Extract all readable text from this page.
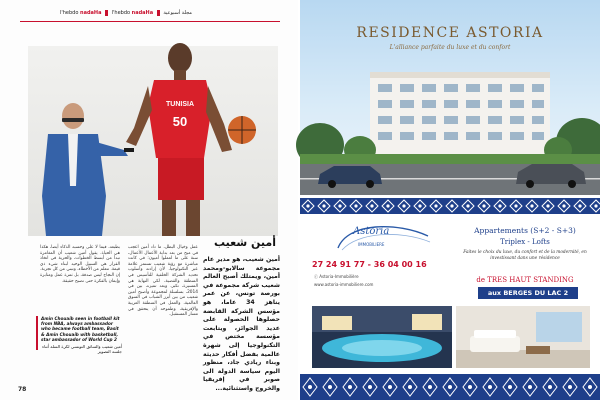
l'hebdo nadaHa l'hebdo nadaHa مجلة أسبوعية
TUNISIA
50
أمين شعيب
أمين شعيب، هو مدير عام مجموعة سالابو-ومحمد أمين، ويمتلك أصبح العالم شعيب شركة مجموعة في بورصة تونس، عن عمر يناهز 34 عاما، هو مؤسس الشركة القابضة حصلوها الحصولة على عديد الجوائز، ويتابعت مؤسسة مختص في التكنولوجيا إلى شهرة عالمية بفضل أفكار حديثة وبناء ريادي جاد، منظور اليوم سياسة الدولة الى صوبر في إفريقيا والخروج واستثنائية...
عمل وخيال البطل، ما داد أمين اعجب في ميح من بعد بداية الأعمال الأعمال، سنة على ما لعملوا أميون: في كانت مباشرة مع رؤية شعيب تستمر علامة عبر التكنولوجيا، لأن إرادته وأسلوب تحديد الشركة الخلفية للتأسيس في المنطقة والقضية، لكي النهاية هي المسيرة، تكبر، وبعد تميزه، بين في 2014، بسلسلة لمجموعة وأصبح أمين شعيب من بين أبرز الشباب في السوق العالمية، والعمل في المنطقة العربية والإفريقية، وطموحه أن يتحقق في مسار المستقبل.
بطبعه، فيما لا على وحسبه الذكاء أيضا، هكذا هي الحياة. يقول أمين شعيب أن المغامرة تبدأ من أبسط الخطوات، والحرية في اتخاذ القرار هي السبيل الوحيد لبناء شيء ذي قيمة. تتعلم من الأخطاء، وتبني من كل تجربة. إن النجاح ليس صدفة، بل ثمرة عمل ومثابرة وإيمان بالفكرة حتى تصبح حقيقة.
Amin Chouaib seen in football kit from NBA, always ambassador who became football team, Basit & Amin Chouaib with basketball, star ambassador of World Cup 2
أمين شعيب والسائق التونسي لكرة السلة أثناء جلسة التصوير
78
RESIDENCE ASTORIA
L'alliance parfaite du luxe et du confort
Astoria
IMMOBILIERE
27 24 91 77 - 36 04 00 16
ⓕ Astoria-Immobilière
www.astoria-immobiliere.com
Appartements (S+2 - S+3)
Triplex - Lofts
Faites le choix du luxe, du confort et de la modernité, en investissant dans une résidence
de TRES HAUT STANDING
aux BERGES DU LAC 2
